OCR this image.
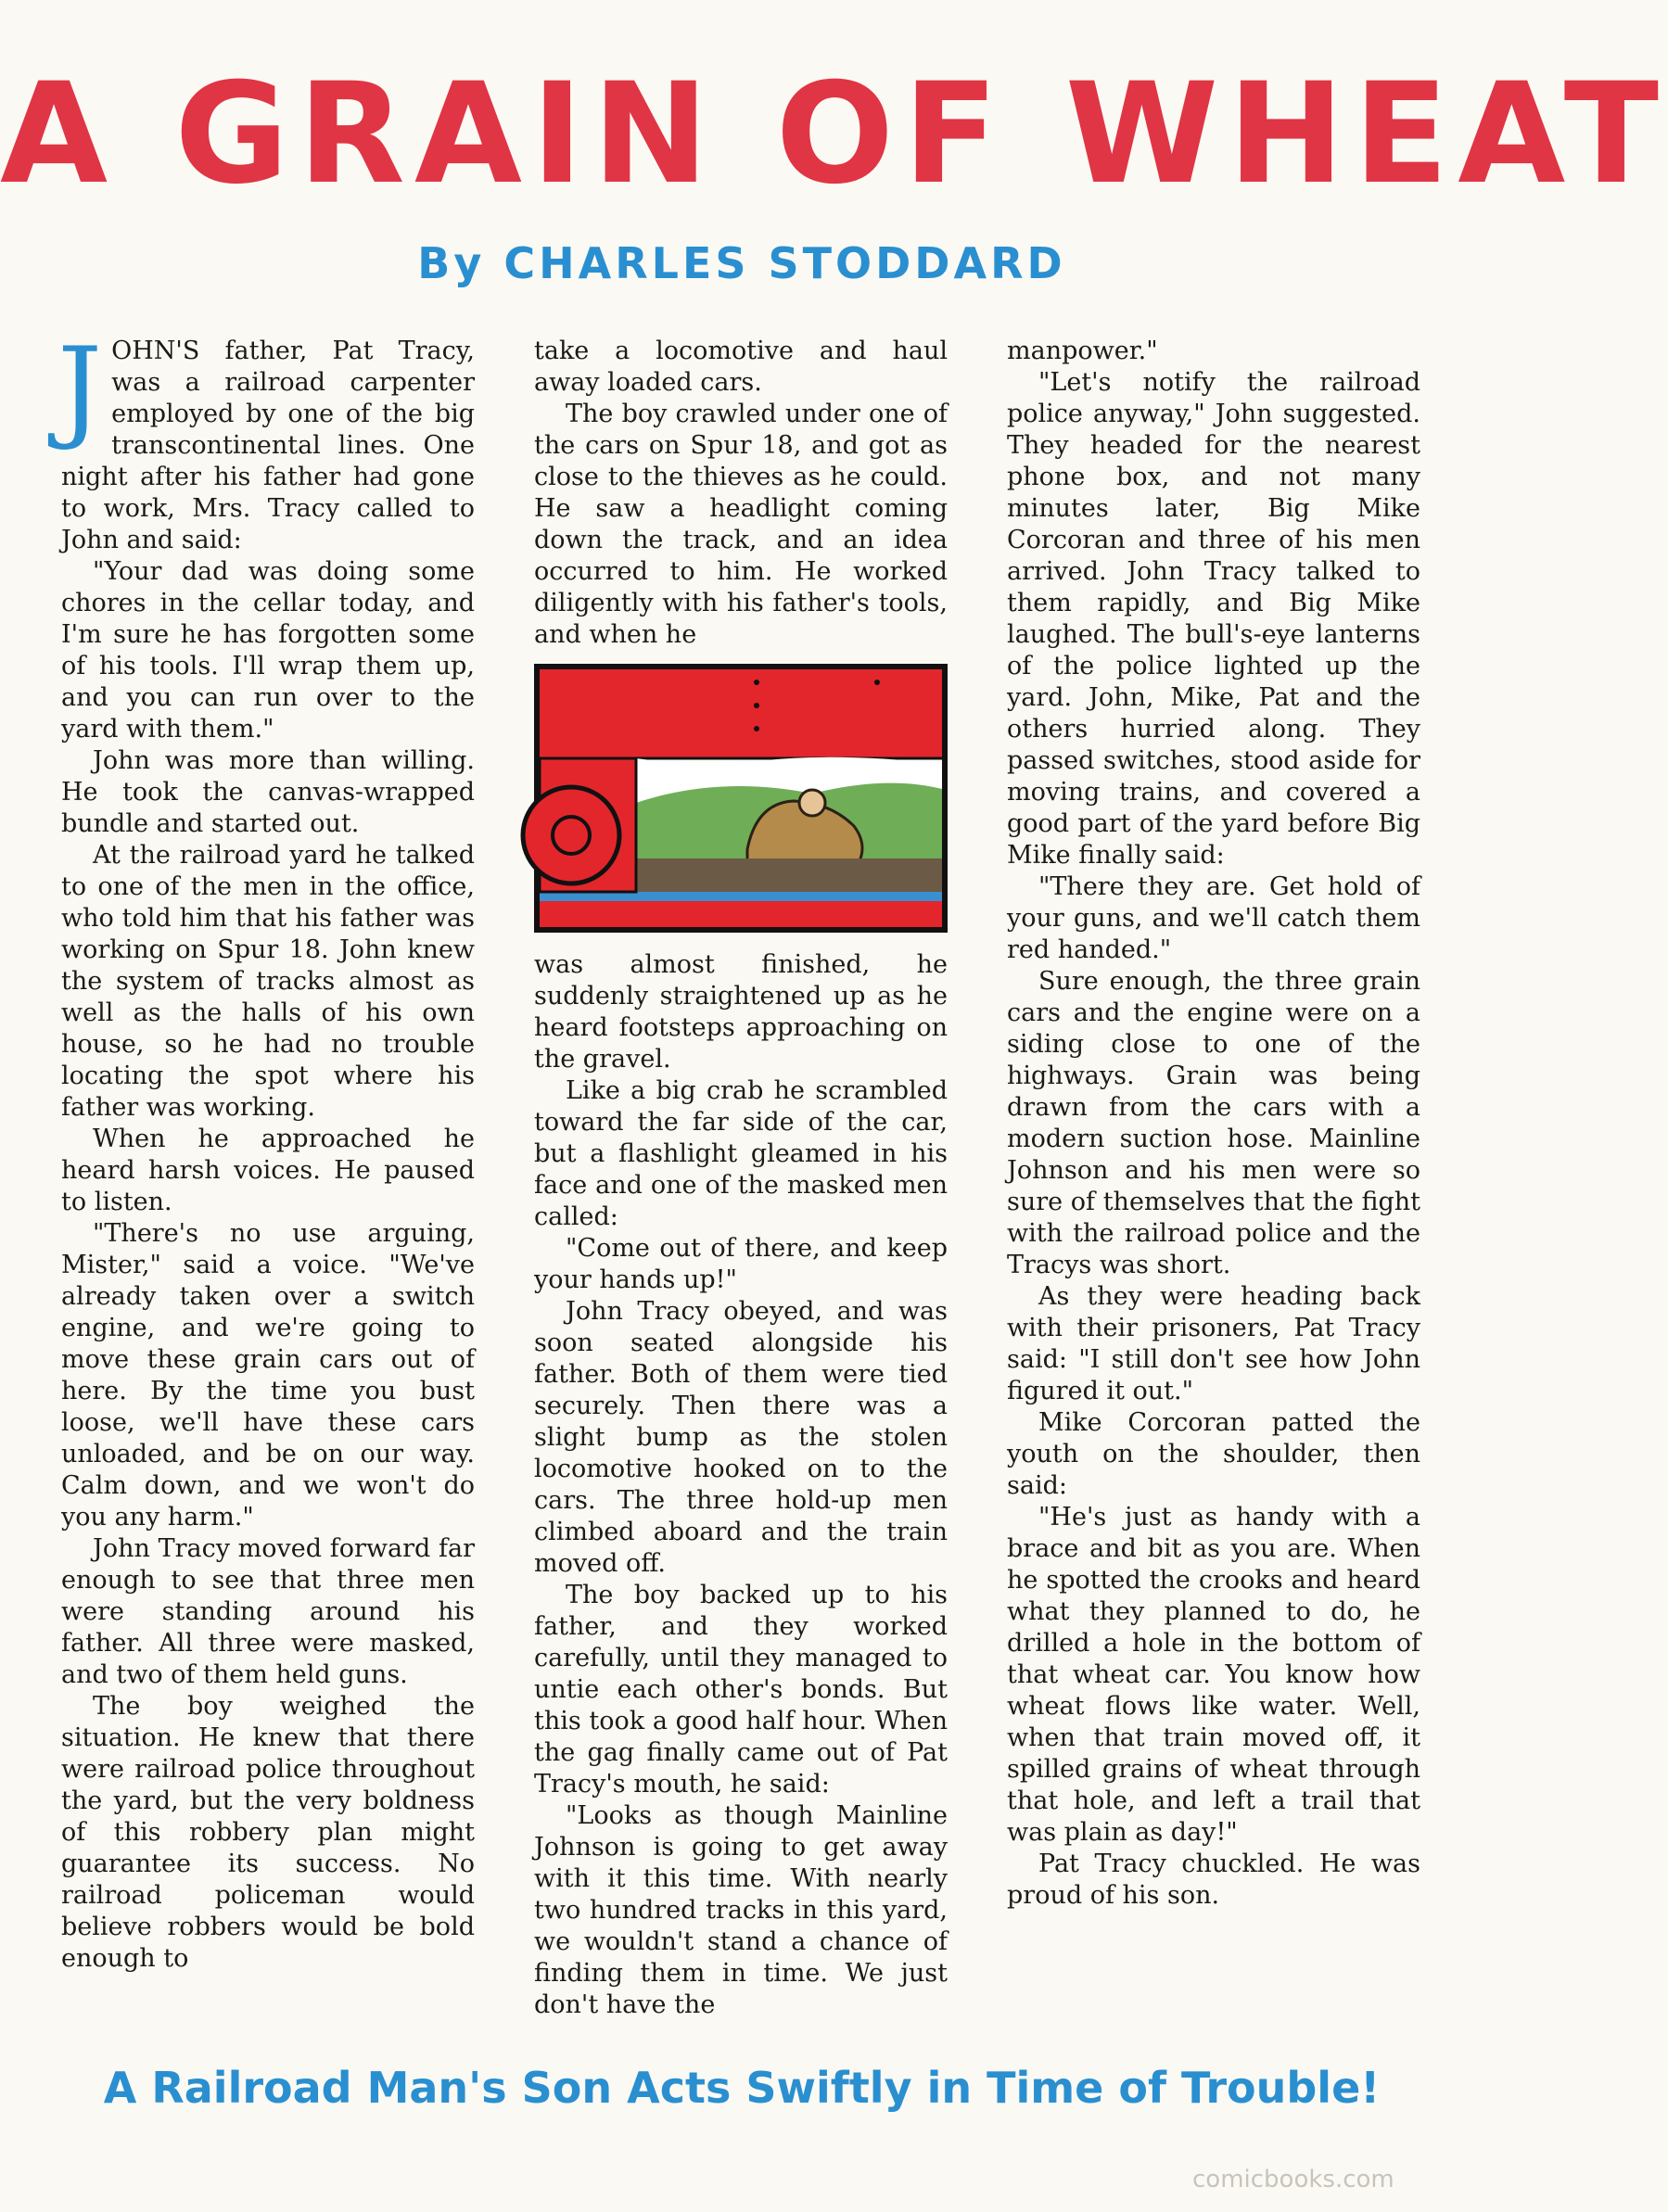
A GRAIN OF WHEAT
By CHARLES STODDARD

JOHN'S father, Pat Tracy, was a railroad carpenter employed by one of the big transcontinental lines. One night after his father had gone to work, Mrs. Tracy called to John and said:

"Your dad was doing some chores in the cellar today, and I'm sure he has forgotten some of his tools. I'll wrap them up, and you can run over to the yard with them."

John was more than willing. He took the canvas-wrapped bundle and started out.

At the railroad yard he talked to one of the men in the office, who told him that his father was working on Spur 18. John knew the system of tracks almost as well as the halls of his own house, so he had no trouble locating the spot where his father was working.

When he approached he heard harsh voices. He paused to listen.

"There's no use arguing, Mister," said a voice. "We've already taken over a switch engine, and we're going to move these grain cars out of here. By the time you bust loose, we'll have these cars unloaded, and be on our way. Calm down, and we won't do you any harm."

John Tracy moved forward far enough to see that three men were standing around his father. All three were masked, and two of them held guns.

The boy weighed the situation. He knew that there were railroad police throughout the yard, but the very boldness of this robbery plan might guarantee its success. No railroad policeman would believe robbers would be bold enough to

take a locomotive and haul away loaded cars.

The boy crawled under one of the cars on Spur 18, and got as close to the thieves as he could. He saw a headlight coming down the track, and an idea occurred to him. He worked diligently with his father's tools, and when he

was almost finished, he suddenly straightened up as he heard footsteps approaching on the gravel.

Like a big crab he scrambled toward the far side of the car, but a flashlight gleamed in his face and one of the masked men called:

"Come out of there, and keep your hands up!"

John Tracy obeyed, and was soon seated alongside his father. Both of them were tied securely. Then there was a slight bump as the stolen locomotive hooked on to the cars. The three hold-up men climbed aboard and the train moved off.

The boy backed up to his father, and they worked carefully, until they managed to untie each other's bonds. But this took a good half hour. When the gag finally came out of Pat Tracy's mouth, he said:

"Looks as though Mainline Johnson is going to get away with it this time. With nearly two hundred tracks in this yard, we wouldn't stand a chance of finding them in time. We just don't have the

manpower."

"Let's notify the railroad police anyway," John suggested. They headed for the nearest phone box, and not many minutes later, Big Mike Corcoran and three of his men arrived. John Tracy talked to them rapidly, and Big Mike laughed. The bull's-eye lanterns of the police lighted up the yard. John, Mike, Pat and the others hurried along. They passed switches, stood aside for moving trains, and covered a good part of the yard before Big Mike finally said:

"There they are. Get hold of your guns, and we'll catch them red handed."

Sure enough, the three grain cars and the engine were on a siding close to one of the highways. Grain was being drawn from the cars with a modern suction hose. Mainline Johnson and his men were so sure of themselves that the fight with the railroad police and the Tracys was short.

As they were heading back with their prisoners, Pat Tracy said: "I still don't see how John figured it out."

Mike Corcoran patted the youth on the shoulder, then said:

"He's just as handy with a brace and bit as you are. When he spotted the crooks and heard what they planned to do, he drilled a hole in the bottom of that wheat car. You know how wheat flows like water. Well, when that train moved off, it spilled grains of wheat through that hole, and left a trail that was plain as day!"

Pat Tracy chuckled. He was proud of his son.

A Railroad Man's Son Acts Swiftly in Time of Trouble!
comicbooks.com
